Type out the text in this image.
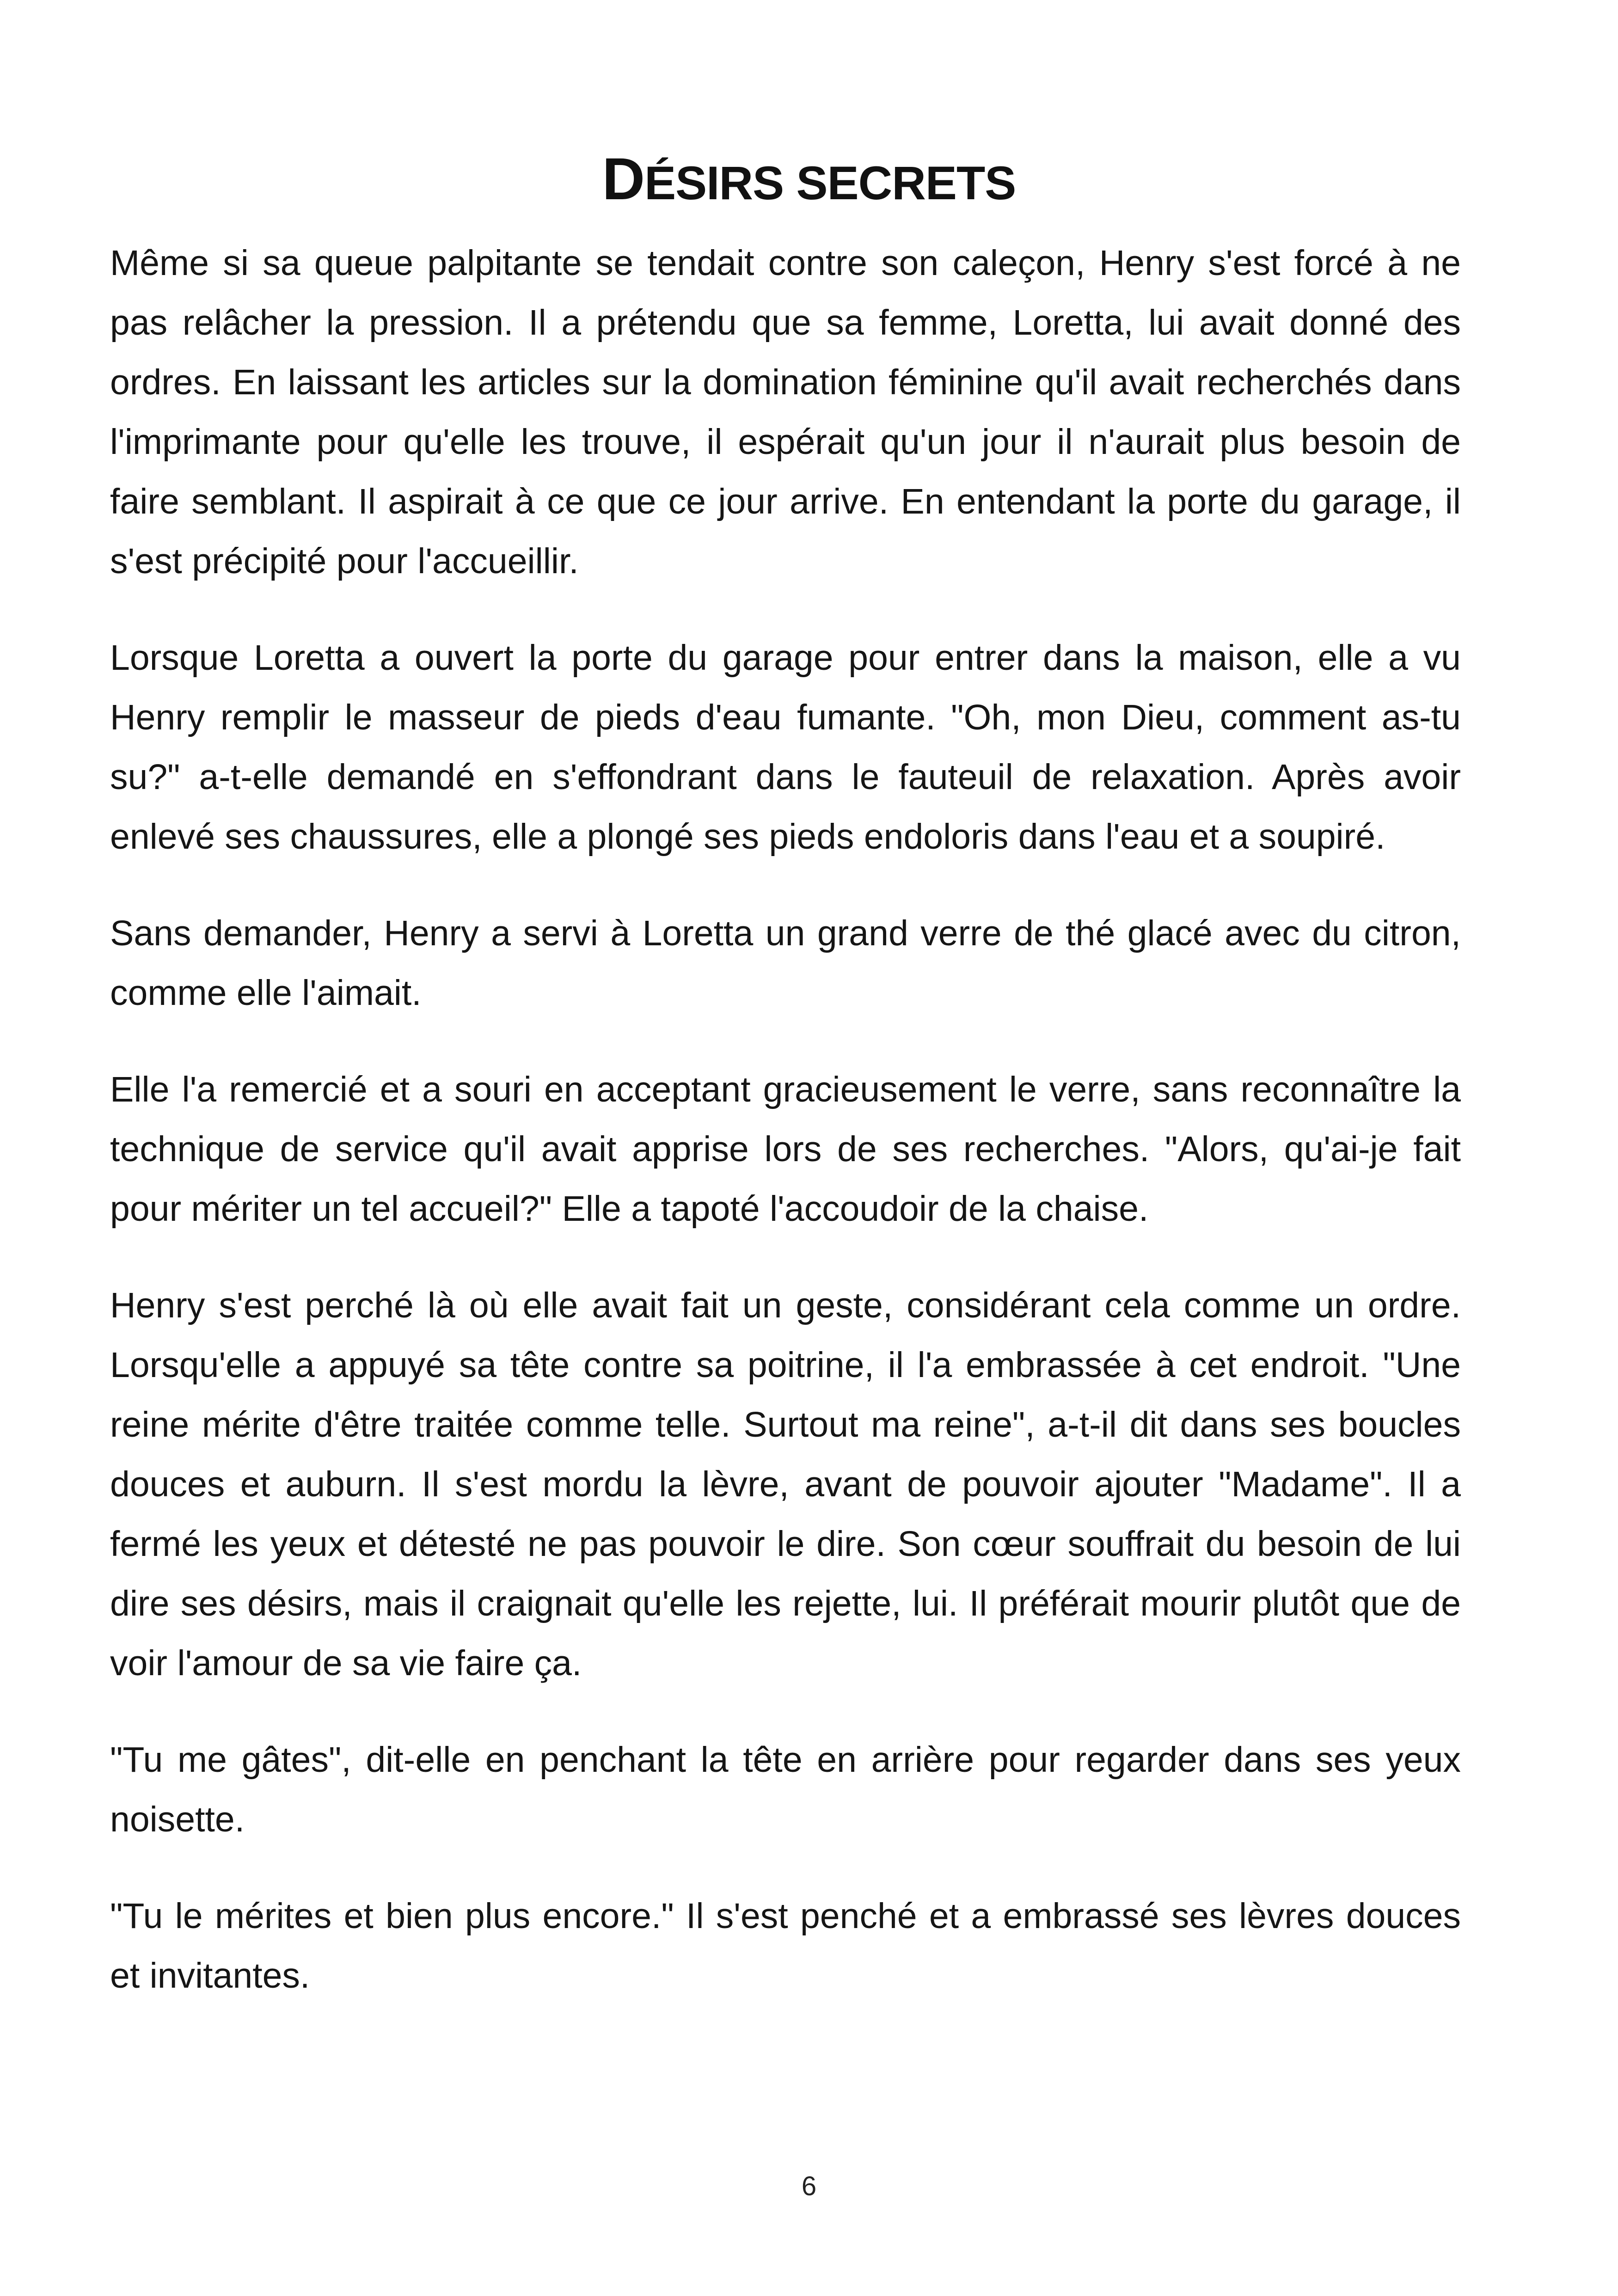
DÉSIRS SECRETS

Même si sa queue palpitante se tendait contre son caleçon, Henry s'est forcé à ne pas relâcher la pression. Il a prétendu que sa femme, Loretta, lui avait donné des ordres. En laissant les articles sur la domination féminine qu'il avait recherchés dans l'imprimante pour qu'elle les trouve, il espérait qu'un jour il n'aurait plus besoin de faire semblant. Il aspirait à ce que ce jour arrive. En entendant la porte du garage, il s'est précipité pour l'accueillir.

Lorsque Loretta a ouvert la porte du garage pour entrer dans la maison, elle a vu Henry remplir le masseur de pieds d'eau fumante. "Oh, mon Dieu, comment as-tu su?" a-t-elle demandé en s'effondrant dans le fauteuil de relaxation. Après avoir enlevé ses chaussures, elle a plongé ses pieds endoloris dans l'eau et a soupiré.

Sans demander, Henry a servi à Loretta un grand verre de thé glacé avec du citron, comme elle l'aimait.

Elle l'a remercié et a souri en acceptant gracieusement le verre, sans reconnaître la technique de service qu'il avait apprise lors de ses recherches. "Alors, qu'ai-je fait pour mériter un tel accueil?" Elle a tapoté l'accoudoir de la chaise.

Henry s'est perché là où elle avait fait un geste, considérant cela comme un ordre. Lorsqu'elle a appuyé sa tête contre sa poitrine, il l'a embrassée à cet endroit. "Une reine mérite d'être traitée comme telle. Surtout ma reine", a-t-il dit dans ses boucles douces et auburn. Il s'est mordu la lèvre, avant de pouvoir ajouter "Madame". Il a fermé les yeux et détesté ne pas pouvoir le dire. Son cœur souffrait du besoin de lui dire ses désirs, mais il craignait qu'elle les rejette, lui. Il préférait mourir plutôt que de voir l'amour de sa vie faire ça.

"Tu me gâtes", dit-elle en penchant la tête en arrière pour regarder dans ses yeux noisette.

"Tu le mérites et bien plus encore." Il s'est penché et a embrassé ses lèvres douces et invitantes.

6
